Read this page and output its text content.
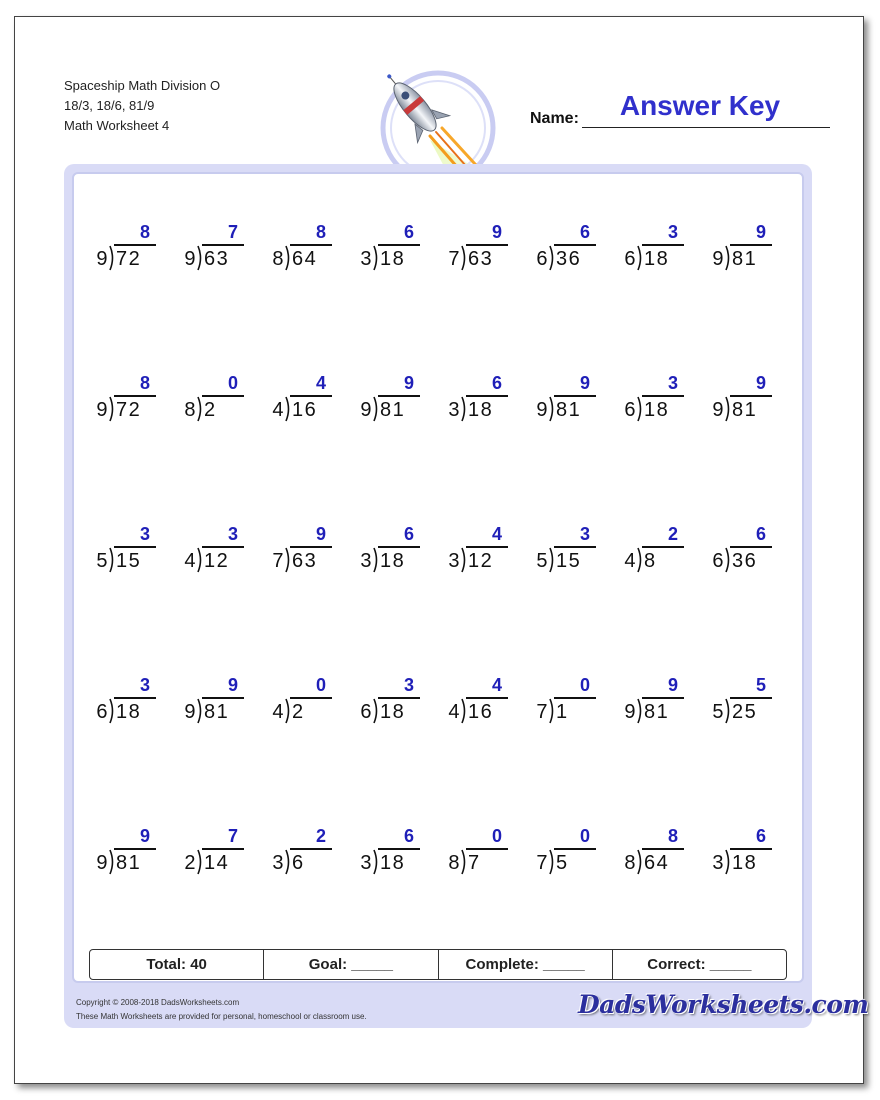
Spaceship Math Division O
18/3, 18/6, 81/9
Math Worksheet 4	Name:	Answer Key
8
9 72
7
9 63
8
8 64
6
3 18
9
7 63
6
6 36
3
6 18
9
9 81
8
9 72
0
8 2
4
4 16
9
9 81
6
3 18
9
9 81
3
6 18
9
9 81
3
5 15
3
4 12
9
7 63
6
3 18
4
3 12
3
5 15
2
4 8
6
6 36
3
6 18
9
9 81
0
4 2
3
6 18
4
4 16
0
7 1
9
9 81
5
5 25
9
9 81
7
2 14
2
3 6
6
3 18
0
8 7
0
7 5
8
8 64
6
3 18
Total: 40	Goal: _____	Complete: _____	Correct: _____
Copyright © 2008-2018 DadsWorksheets.com
These Math Worksheets are provided for personal, homeschool or classroom use.	DadsWorksheets.com
